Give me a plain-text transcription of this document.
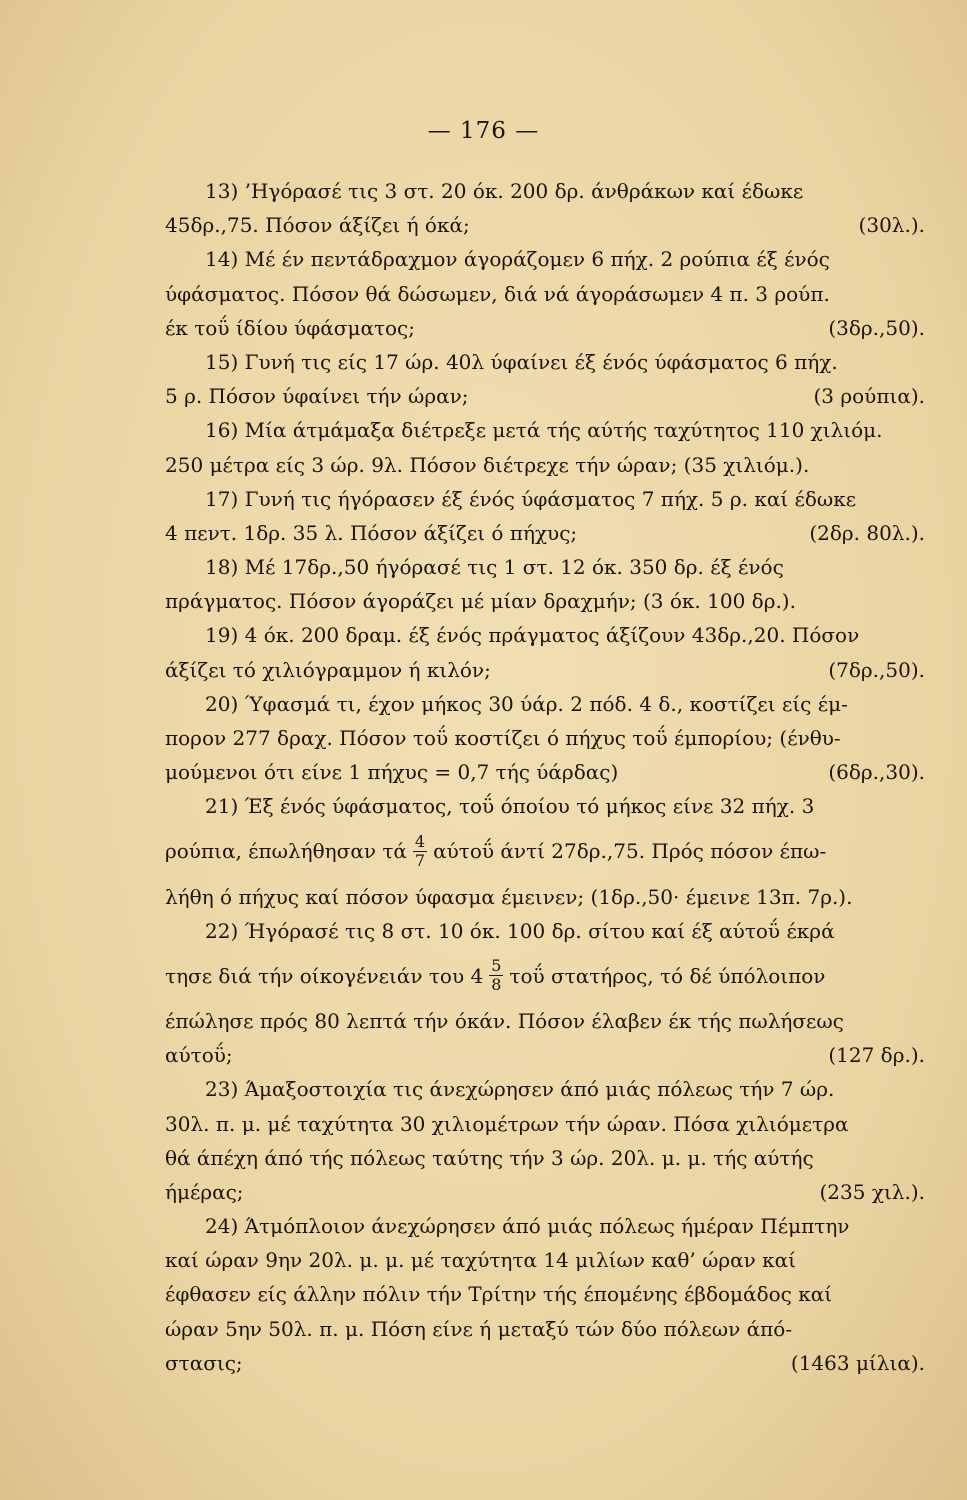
— 176 —
13) ’Ηγόρασέ τις 3 στ. 20 όκ. 200 δρ. άνθράκων καί έδωκε
45δρ.,75. Πόσον άξίζει ή όκά;	(30λ.).
14) Μέ έν πεντάδραχμον άγοράζομεν 6 πήχ. 2 ρούπια έξ ένός
ύφάσματος. Πόσον θά δώσωμεν, διά νά άγοράσωμεν 4 π. 3 ρούπ.
έκ τοΰ ίδίου ύφάσματος;	(3δρ.,50).
15) Γυνή τις είς 17 ώρ. 40λ ύφαίνει έξ ένός ύφάσματος 6 πήχ.
5 ρ. Πόσον ύφαίνει τήν ώραν;	(3 ρούπια).
16) Μία άτμάμαξα διέτρεξε μετά τής αύτής ταχύτητος 110 χιλιόμ.
250 μέτρα είς 3 ώρ. 9λ. Πόσον διέτρεχε τήν ώραν; (35 χιλιόμ.).
17) Γυνή τις ήγόρασεν έξ ένός ύφάσματος 7 πήχ. 5 ρ. καί έδωκε
4 πεντ. 1δρ. 35 λ. Πόσον άξίζει ό πήχυς;	(2δρ. 80λ.).
18) Μέ 17δρ.,50 ήγόρασέ τις 1 στ. 12 όκ. 350 δρ. έξ ένός
πράγματος. Πόσον άγοράζει μέ μίαν δραχμήν; (3 όκ. 100 δρ.).
19) 4 όκ. 200 δραμ. έξ ένός πράγματος άξίζουν 43δρ.,20. Πόσον
άξίζει τό χιλιόγραμμον ή κιλόν;	(7δρ.,50).
20) Ύφασμά τι, έχον μήκος 30 ύάρ. 2 πόδ. 4 δ., κοστίζει είς έμ-
πορον 277 δραχ. Πόσον τοΰ κοστίζει ό πήχυς τοΰ έμπορίου; (ένθυ-
μούμενοι ότι είνε 1 πήχυς = 0,7 τής ύάρδας)	(6δρ.,30).
21) Έξ ένός ύφάσματος, τοΰ όποίου τό μήκος είνε 32 πήχ. 3
ρούπια, έπωλήθησαν τά $\frac{4}{7}$ αύτοΰ άντί 27δρ.,75. Πρός πόσον έπω-
λήθη ό πήχυς καί πόσον ύφασμα έμεινεν; (1δρ.,50· έμεινε 13π. 7ρ.).
22) Ήγόρασέ τις 8 στ. 10 όκ. 100 δρ. σίτου καί έξ αύτοΰ έκρά
τησε διά τήν οίκογένειάν του $4 \frac{5}{8}$ τοΰ στατήρος, τό δέ ύπόλοιπον
έπώλησε πρός 80 λεπτά τήν όκάν. Πόσον έλαβεν έκ τής πωλήσεως
αύτοΰ;	(127 δρ.).
23) Άμαξοστοιχία τις άνεχώρησεν άπό μιάς πόλεως τήν 7 ώρ.
30λ. π. μ. μέ ταχύτητα 30 χιλιομέτρων τήν ώραν. Πόσα χιλιόμετρα
θά άπέχη άπό τής πόλεως ταύτης τήν 3 ώρ. 20λ. μ. μ. τής αύτής
ήμέρας;	(235 χιλ.).
24) Άτμόπλοιον άνεχώρησεν άπό μιάς πόλεως ήμέραν Πέμπτην
καί ώραν 9ην 20λ. μ. μ. μέ ταχύτητα 14 μιλίων καθ’ ώραν καί
έφθασεν είς άλλην πόλιν τήν Τρίτην τής έπομένης έβδομάδος καί
ώραν 5ην 50λ. π. μ. Πόση είνε ή μεταξύ τών δύο πόλεων άπό-
στασις;	(1463 μίλια).
